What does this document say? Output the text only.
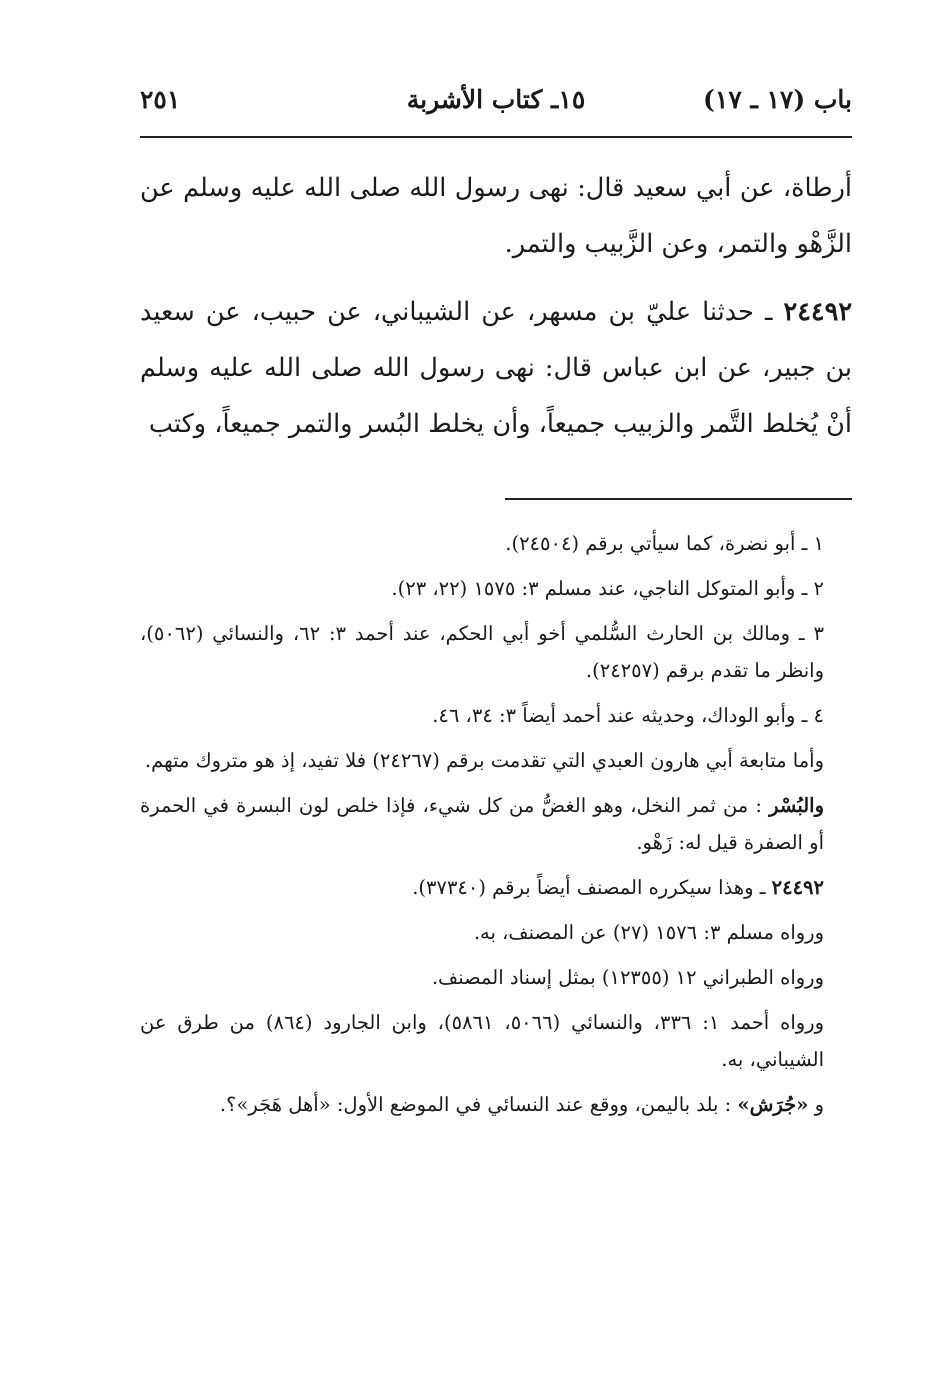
باب (١٧ ـ ١٧)
١٥ـ كتاب الأشربة
٢٥١

أرطاة، عن أبي سعيد قال: نهى رسول الله صلى الله عليه وسلم عن الزَّهْو والتمر، وعن الزَّبيب والتمر.

٢٤٤٩٢ ـ حدثنا عليّ بن مسهر، عن الشيباني، عن حبيب، عن سعيد بن جبير، عن ابن عباس قال: نهى رسول الله صلى الله عليه وسلم أنْ يُخلط التَّمر والزبيب جميعاً، وأن يخلط البُسر والتمر جميعاً، وكتب

١ ـ أبو نضرة، كما سيأتي برقم (٢٤٥٠٤).

٢ ـ وأبو المتوكل الناجي، عند مسلم ٣: ١٥٧٥ (٢٢، ٢٣).

٣ ـ ومالك بن الحارث السُّلمي أخو أبي الحكم، عند أحمد ٣: ٦٢، والنسائي (٥٠٦٢)، وانظر ما تقدم برقم (٢٤٢٥٧).

٤ ـ وأبو الوداك، وحديثه عند أحمد أيضاً ٣: ٣٤، ٤٦.

وأما متابعة أبي هارون العبدي التي تقدمت برقم (٢٤٢٦٧) فلا تفيد، إذ هو متروك متهم.

والبُسْر : من ثمر النخل، وهو الغضُّ من كل شيء، فإذا خلص لون البسرة في الحمرة أو الصفرة قيل له: زَهْو.

٢٤٤٩٢ ـ وهذا سيكرره المصنف أيضاً برقم (٣٧٣٤٠).

ورواه مسلم ٣: ١٥٧٦ (٢٧) عن المصنف، به.

ورواه الطبراني ١٢ (١٢٣٥٥) بمثل إسناد المصنف.

ورواه أحمد ١: ٣٣٦، والنسائي (٥٠٦٦، ٥٨٦١)، وابن الجارود (٨٦٤) من طرق عن الشيباني، به.

و «جُرَش» : بلد باليمن، ووقع عند النسائي في الموضع الأول: «أهل هَجَر»؟.
